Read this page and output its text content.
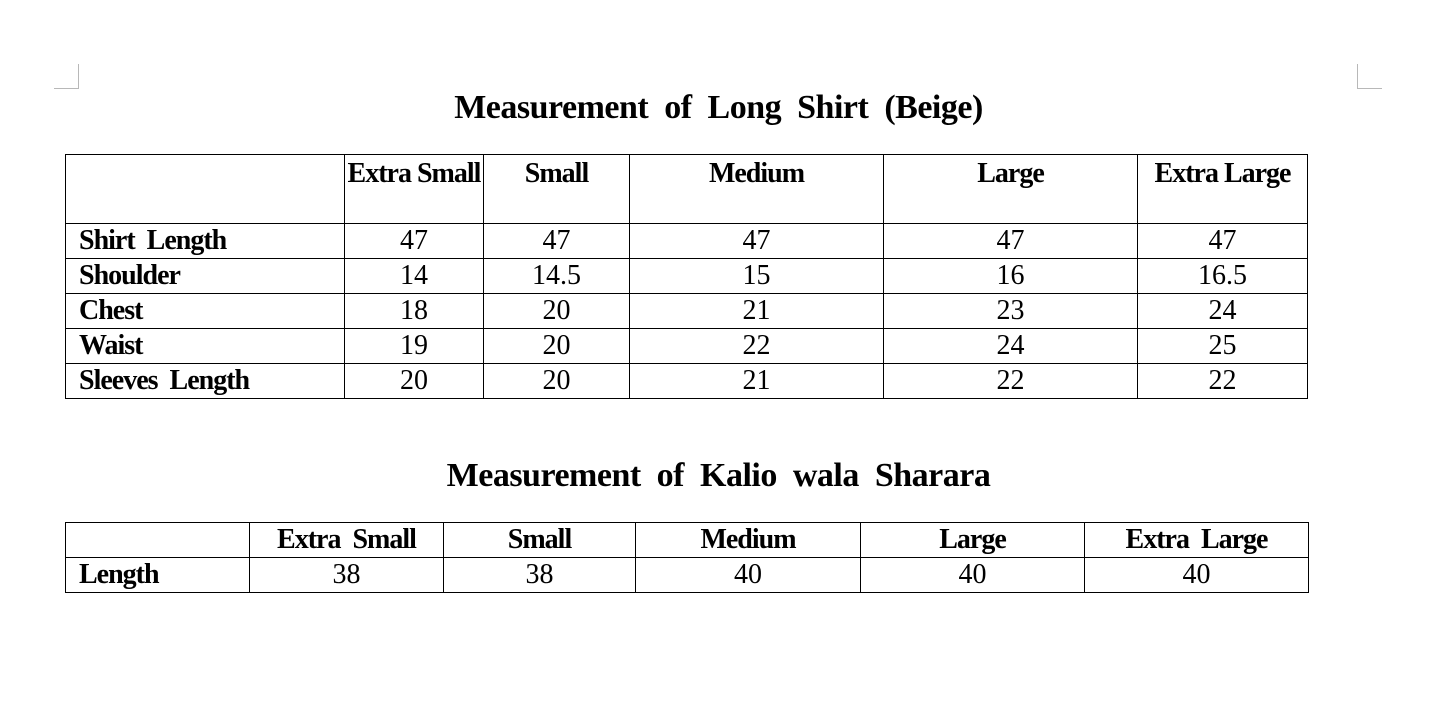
Measurement of Long Shirt (Beige)
	Extra Small	Small	Medium	Large	Extra Large
Shirt Length	47	47	47	47	47
Shoulder	14	14.5	15	16	16.5
Chest	18	20	21	23	24
Waist	19	20	22	24	25
Sleeves Length	20	20	21	22	22
Measurement of Kalio wala Sharara
	Extra Small	Small	Medium	Large	Extra Large
Length	38	38	40	40	40
